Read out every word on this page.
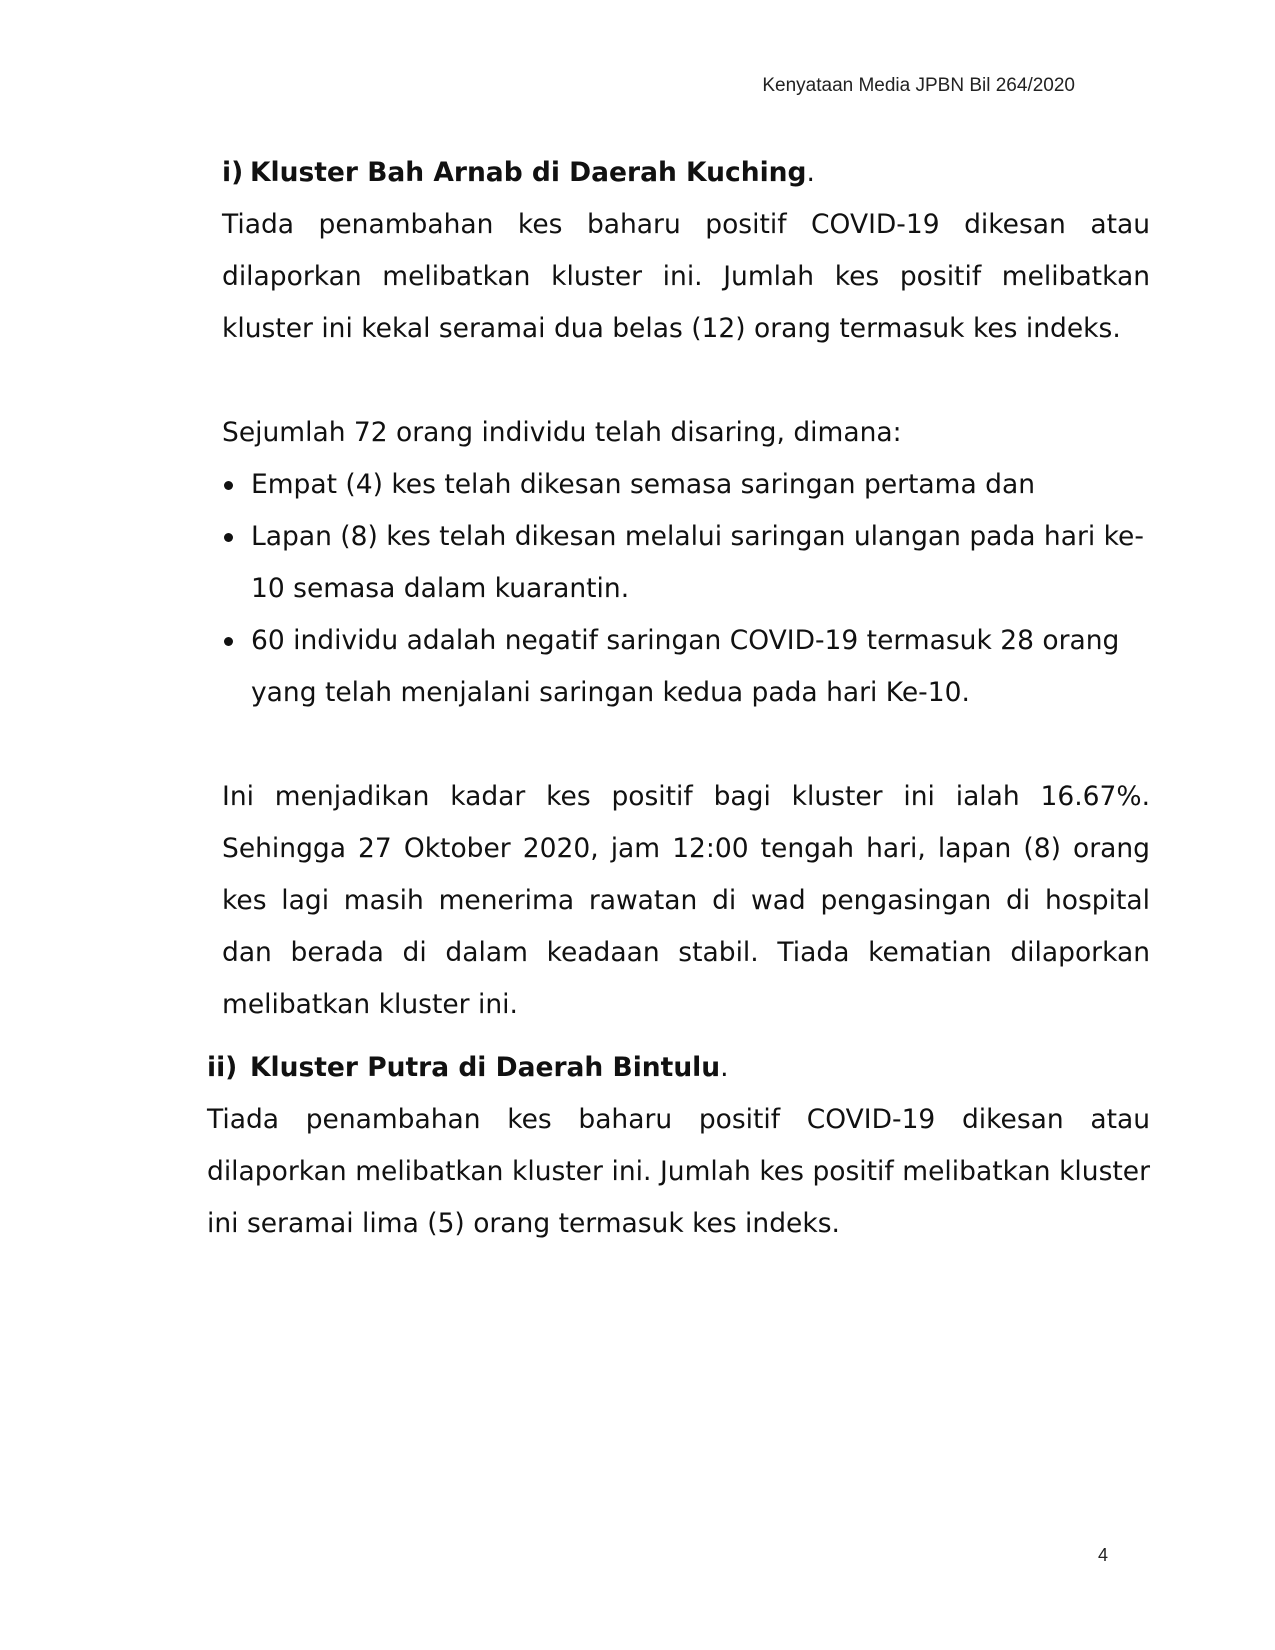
Kenyataan Media JPBN Bil 264/2020
i) Kluster Bah Arnab di Daerah Kuching.

Tiada penambahan kes baharu positif COVID-19 dikesan atau dilaporkan melibatkan kluster ini. Jumlah kes positif melibatkan kluster ini kekal seramai dua belas (12) orang termasuk kes indeks.

Sejumlah 72 orang individu telah disaring, dimana:

Empat (4) kes telah dikesan semasa saringan pertama dan
Lapan (8) kes telah dikesan melalui saringan ulangan pada hari ke-10 semasa dalam kuarantin.
60 individu adalah negatif saringan COVID-19 termasuk 28 orang yang telah menjalani saringan kedua pada hari Ke-10.

Ini menjadikan kadar kes positif bagi kluster ini ialah 16.67%. Sehingga 27 Oktober 2020, jam 12:00 tengah hari, lapan (8) orang kes lagi masih menerima rawatan di wad pengasingan di hospital dan berada di dalam keadaan stabil. Tiada kematian dilaporkan melibatkan kluster ini.

ii) Kluster Putra di Daerah Bintulu.

Tiada penambahan kes baharu positif COVID-19 dikesan atau dilaporkan melibatkan kluster ini. Jumlah kes positif melibatkan kluster ini seramai lima (5) orang termasuk kes indeks.

4
